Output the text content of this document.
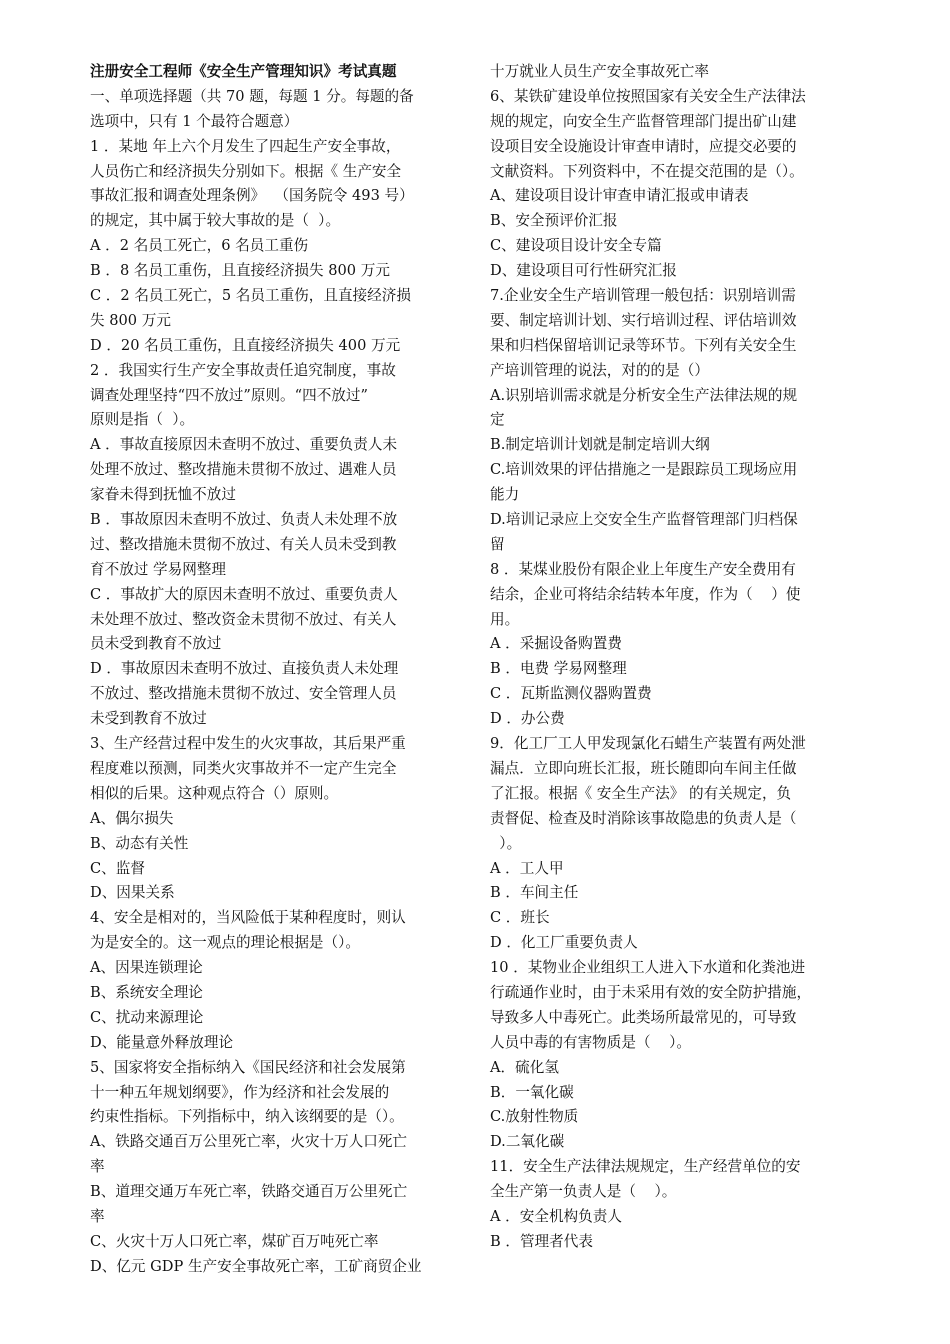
注册安全工程师《安全生产管理知识》考试真题
一、单项选择题（共 70 题，每题 1 分。每题的备
选项中，只有 1 个最符合题意）
1 ．某地 年上六个月发生了四起生产安全事故，
人员伤亡和经济损失分别如下。根据《 生产安全
事故汇报和调查处理条例》  （国务院令 493 号）
的规定，其中属于较大事故的是（  ）。
A ．2 名员工死亡，6 名员工重伤
B ．8 名员工重伤，且直接经济损失 800 万元
C ．2 名员工死亡，5 名员工重伤，且直接经济损
失 800 万元
D ．20 名员工重伤，且直接经济损失 400 万元
2 ．我国实行生产安全事故责任追究制度，事故
调查处理坚持“四不放过”原则。“四不放过”
原则是指（  ）。
A ．事故直接原因未查明不放过、重要负责人未
处理不放过、整改措施未贯彻不放过、遇难人员
家眷未得到抚恤不放过
B ．事故原因未查明不放过、负责人未处理不放
过、整改措施未贯彻不放过、有关人员未受到教
育不放过 学易网整理
C ．事故扩大的原因未查明不放过、重要负责人
未处理不放过、整改资金未贯彻不放过、有关人
员未受到教育不放过
D ．事故原因未查明不放过、直接负责人未处理
不放过、整改措施未贯彻不放过、安全管理人员
未受到教育不放过
3、生产经营过程中发生的火灾事故，其后果严重
程度难以预测，同类火灾事故并不一定产生完全
相似的后果。这种观点符合（）原则。
A、偶尔损失
B、动态有关性
C、监督
D、因果关系
4、安全是相对的，当风险低于某种程度时，则认
为是安全的。这一观点的理论根据是（）。
A、因果连锁理论
B、系统安全理论
C、扰动来源理论
D、能量意外释放理论
5、国家将安全指标纳入《国民经济和社会发展第
十一种五年规划纲要》，作为经济和社会发展的
约束性指标。下列指标中，纳入该纲要的是（）。
A、铁路交通百万公里死亡率，火灾十万人口死亡
率
B、道理交通万车死亡率，铁路交通百万公里死亡
率
C、火灾十万人口死亡率，煤矿百万吨死亡率
D、亿元 GDP 生产安全事故死亡率，工矿商贸企业
十万就业人员生产安全事故死亡率
6、某铁矿建设单位按照国家有关安全生产法律法
规的规定，向安全生产监督管理部门提出矿山建
设项目安全设施设计审查申请时，应提交必要的
文献资料。下列资料中，不在提交范围的是（）。
A、建设项目设计审查申请汇报或申请表
B、安全预评价汇报
C、建设项目设计安全专篇
D、建设项目可行性研究汇报
7.企业安全生产培训管理一般包括：识别培训需
要、制定培训计划、实行培训过程、评估培训效
果和归档保留培训记录等环节。下列有关安全生
产培训管理的说法，对的的是（）
A.识别培训需求就是分析安全生产法律法规的规
定
B.制定培训计划就是制定培训大纲
C.培训效果的评估措施之一是跟踪员工现场应用
能力
D.培训记录应上交安全生产监督管理部门归档保
留
8 ．某煤业股份有限企业上年度生产安全费用有
结余，企业可将结余结转本年度，作为（    ）使
用。
A ．采掘设备购置费
B ．电费 学易网整理
C ．瓦斯监测仪器购置费
D ．办公费
9．化工厂工人甲发现氯化石蜡生产装置有两处泄
漏点．立即向班长汇报，班长随即向车间主任做
了汇报。根据《 安全生产法》 的有关规定，负
责督促、检查及时消除该事故隐患的负责人是（
）。
A ．工人甲
B ．车间主任
C ．班长
D ．化工厂重要负责人
10 ．某物业企业组织工人进入下水道和化粪池进
行疏通作业时，由于未采用有效的安全防护措施，
导致多人中毒死亡。此类场所最常见的，可导致
人员中毒的有害物质是（    ）。
A．硫化氢
B．一氧化碳
C.放射性物质
D.二氧化碳
11．安全生产法律法规规定，生产经营单位的安
全生产第一负责人是（    ）。
A ．安全机构负责人
B ．管理者代表
